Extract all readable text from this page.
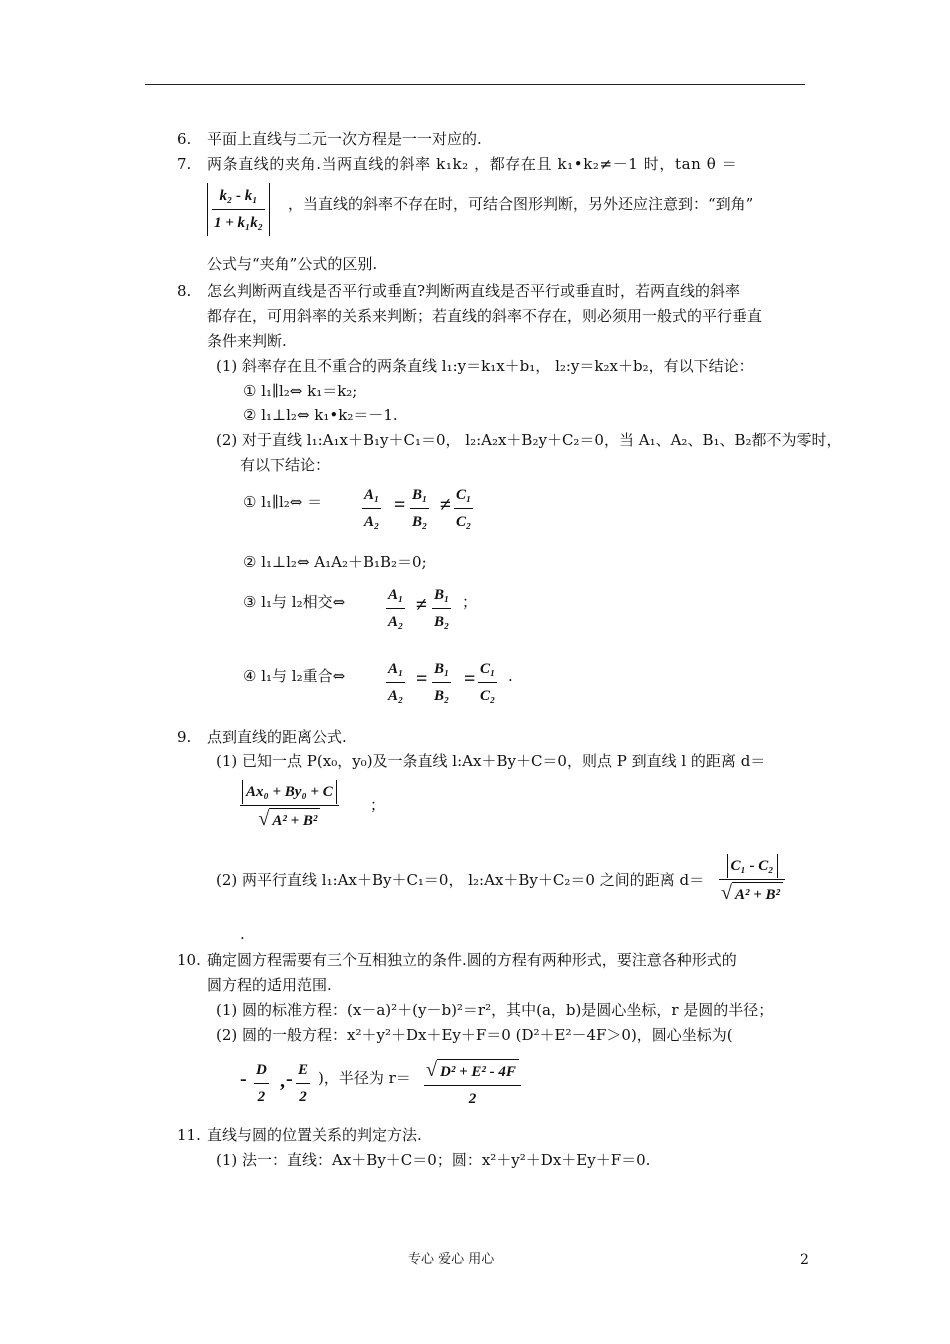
6. 平面上直线与二元一次方程是一一对应的.
7. 两条直线的夹角.当两直线的斜率 k₁k₂ ，都存在且 k₁•k₂≠－1 时，tan θ ＝
$\frac{\text{k₂ - k₁}}{\text{1 + k₁k₂}}$ ，当直线的斜率不存在时，可结合图形判断，另外还应注意到：“到角”
公式与“夹角”公式的区别.
8. 怎幺判断两直线是否平行或垂直?判断两直线是否平行或垂直时，若两直线的斜率
都存在，可用斜率的关系来判断；若直线的斜率不存在，则必须用一般式的平行垂直
条件来判断.
(1) 斜率存在且不重合的两条直线 l₁:y＝k₁x＋b₁， l₂:y＝k₂x＋b₂，有以下结论：
① l₁∥l₂⇔ k₁＝k₂;
② l₁⊥l₂⇔ k₁•k₂＝－1.
(2) 对于直线 l₁:A₁x＋B₁y＋C₁＝0， l₂:A₂x＋B₂y＋C₂＝0，当 A₁、A₂、B₁、B₂都不为零时，
有以下结论：
① l₁∥l₂⇔ ＝	A₁
A₂
= B₁
B₂
≠ C₁
C₂
② l₁⊥l₂⇔ A₁A₂＋B₁B₂＝0;
③ l₁与 l₂相交⇔	A₁
A₂
≠ B₁
B₂
；
④ l₁与 l₂重合⇔	A₁
A₂
= B₁
B₂
= C₁
C₂
.
9. 点到直线的距离公式.
(1) 已知一点 P(x₀，y₀)及一条直线 l:Ax＋By＋C＝0，则点 P 到直线 l 的距离 d＝
Ax₀ + By₀ + C
√ A² + B²
；
(2) 两平行直线 l₁:Ax＋By＋C₁＝0， l₂:Ax＋By＋C₂＝0 之间的距离 d＝
C₁ - C₂
√ A² + B²
.
10. 确定圆方程需要有三个互相独立的条件.圆的方程有两种形式，要注意各种形式的
圆方程的适用范围.
(1) 圆的标准方程：(x－a)²＋(y－b)²＝r²，其中(a，b)是圆心坐标，r 是圆的半径；
(2) 圆的一般方程：x²＋y²＋Dx＋Ey＋F＝0 (D²＋E²－4F＞0)，圆心坐标为(
- D
2
, - E
2
)，半径为 r＝ √ D² + E² - 4F
2
11. 直线与圆的位置关系的判定方法.
(1) 法一：直线：Ax＋By＋C＝0；圆：x²＋y²＋Dx＋Ey＋F＝0.
专心 爱心 用心	2
